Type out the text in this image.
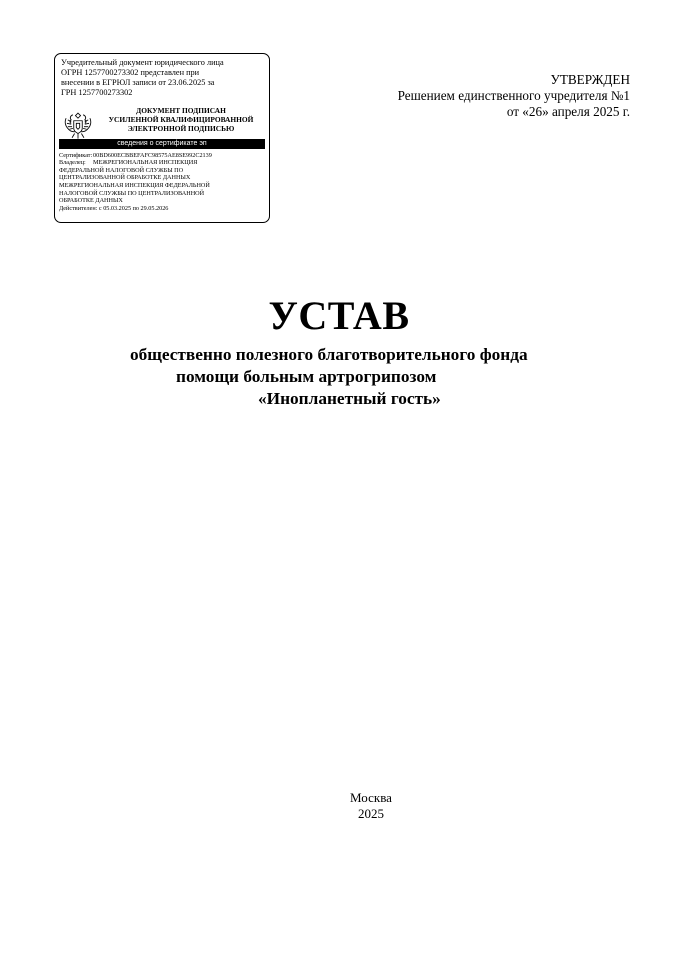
Учредительный документ юридического лица
ОГРН 1257700273302 представлен при
внесении в ЕГРЮЛ записи от 23.06.2025 за
ГРН 1257700273302
ДОКУМЕНТ ПОДПИСАН
УСИЛЕННОЙ КВАЛИФИЦИРОВАННОЙ
ЭЛЕКТРОННОЙ ПОДПИСЬЮ
сведения о сертификате эп
Сертификат: 00BD600ECBBEFAFC98575AE8SE992C2139
Владелец:	МЕЖРЕГИОНАЛЬНАЯ ИНСПЕКЦИЯ
ФЕДЕРАЛЬНОЙ НАЛОГОВОЙ СЛУЖБЫ ПО
ЦЕНТРАЛИЗОВАННОЙ ОБРАБОТКЕ ДАННЫХ
МЕЖРЕГИОНАЛЬНАЯ ИНСПЕКЦИЯ ФЕДЕРАЛЬНОЙ
НАЛОГОВОЙ СЛУЖБЫ ПО ЦЕНТРАЛИЗОВАННОЙ
ОБРАБОТКЕ ДАННЫХ
Действителен: с 05.03.2025 по 29.05.2026
УТВЕРЖДЕН
Решением единственного учредителя №1
от «26» апреля 2025 г.
УСТАВ
общественно полезного благотворительного фонда
помощи больным артрогрипозом
«Инопланетный гость»
Москва
2025
